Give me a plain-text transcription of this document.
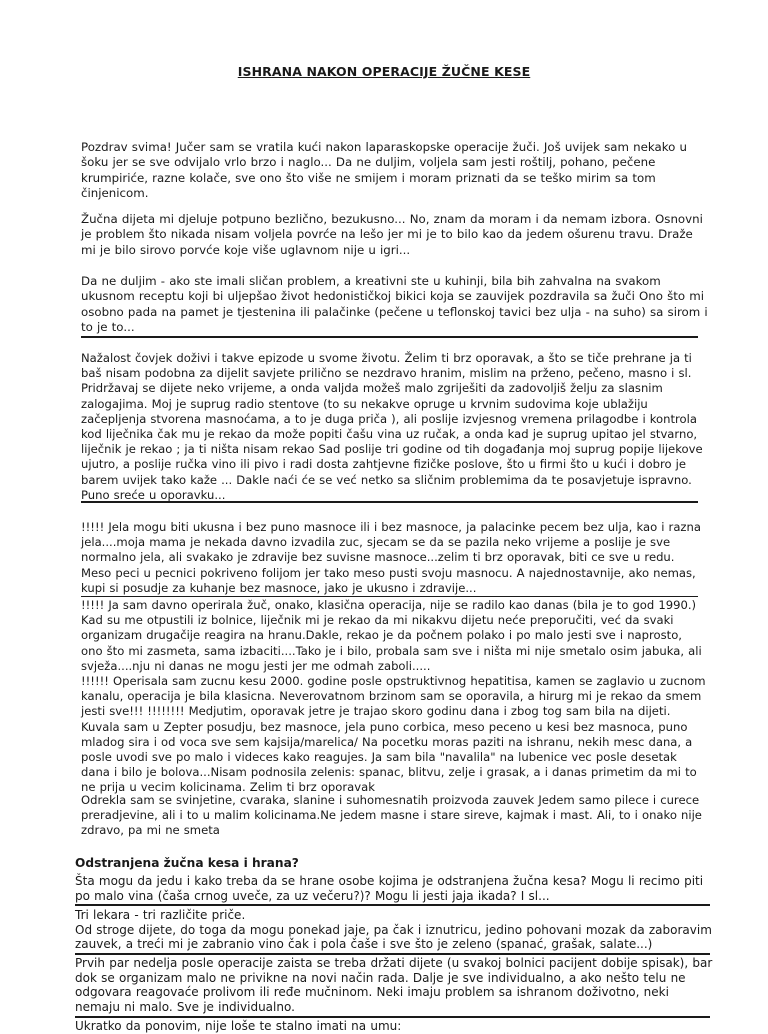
ISHRANA NAKON OPERACIJE ŽUČNE KESE

Pozdrav svima! Jučer sam se vratila kući nakon laparaskopske operacije žuči. Još uvijek sam nekako u šoku jer se sve odvijalo vrlo brzo i naglo... Da ne duljim, voljela sam jesti roštilj, pohano, pečene krumpiriće, razne kolače, sve ono što više ne smijem i moram priznati da se teško mirim sa tom činjenicom.

Žučna dijeta mi djeluje potpuno bezlično, bezukusno... No, znam da moram i da nemam izbora. Osnovni je problem što nikada nisam volјela povrće na lešo jer mi je to bilo kao da jedem ošurenu travu. Draže mi je bilo sirovo porvće koje više uglavnom nije u igri...

Da ne duljim - ako ste imali sličan problem, a kreativni ste u kuhinji, bila bih zahvalna na svakom ukusnom receptu koji bi uljepšao život hedonističkoj bikici koja se zauvijek pozdravila sa žuči Ono što mi osobno pada na pamet je tjestenina ili palačinke (pečene u teflonskoj tavici bez ulja - na suho) sa sirom i to je to...

Nažalost čovjek doživi i takve epizode u svome životu. Želim ti brz oporavak, a što se tiče prehrane ja ti baš nisam podobna za dijelit savjete prilično se nezdravo hranim, mislim na prženo, pečeno, masno i sl. Pridržavaj se dijete neko vrijeme, a onda valjda možeš malo zgriješiti da zadovoljiš želju za slasnim zalogajima. Moj je suprug radio stentove (to su nekakve opruge u krvnim sudovima koje ublažiju začepljenja stvorena masnoćama, a to je duga priča ), ali poslije izvjesnog vremena prilagodbe i kontrola kod liječnika čak mu je rekao da može popiti čašu vina uz ručak, a onda kad je suprug upitao jel stvarno, liječnik je rekao ; ja ti ništa nisam rekao Sad poslije tri godine od tih događanja moj suprug popije lijekove ujutro, a poslije ručka vino ili pivo i radi dosta zahtjevne fizičke poslove, što u firmi što u kući i dobro je barem uvijek tako kaže ... Dakle naći će se već netko sa sličnim problemima da te posavjetuje ispravno. Puno sreće u oporavku...

!!!!! Jela mogu biti ukusna i bez puno masnoce ili i bez masnoce, ja palacinke pecem bez ulja, kao i razna jela....moja mama je nekada davno izvadila zuc, sjecam se da se pazila neko vrijeme a poslije je sve normalno jela, ali svakako je zdravije bez suvisne masnoce...zelim ti brz oporavak, biti ce sve u redu. Meso peci u pecnici pokriveno folijom jer tako meso pusti svoju masnocu. A najednostavnije, ako nemas, kupi si posudje za kuhanje bez masnoce, jako je ukusno i zdravije...

!!!!! Ja sam davno operirala žuč, onako, klasična operacija, nije se radilo kao danas (bila je to god 1990.) Kad su me otpustili iz bolnice, liječnik mi je rekao da mi nikakvu dijetu neće preporučiti, već da svaki organizam drugačije reagira na hranu.Dakle, rekao je da počnem polako i po malo jesti sve i naprosto, ono što mi zasmeta, sama izbaciti....Tako je i bilo, probala sam sve i ništa mi nije smetalo osim jabuka, ali svježa....nju ni danas ne mogu jesti jer me odmah zaboli.....

!!!!!! Operisala sam zucnu kesu 2000. godine posle opstruktivnog hepatitisa, kamen se zaglavio u zucnom kanalu, operacija je bila klasicna. Neverovatnom brzinom sam se oporavila, a hirurg mi je rekao da smem jesti sve!!! !!!!!!!! Medjutim, oporavak jetre je trajao skoro godinu dana i zbog tog sam bila na dijeti. Kuvala sam u Zepter posudju, bez masnoce, jela puno corbica, meso peceno u kesi bez masnoca, puno mladog sira i od voca sve sem kajsija/marelica/ Na pocetku moras paziti na ishranu, nekih mesc dana, a posle uvodi sve po malo i videces kako reagujes. Ja sam bila "navalila" na lubenice vec posle desetak dana i bilo je bolova...Nisam podnosila zelenis: spanac, blitvu, zelje i grasak, a i danas primetim da mi to ne prija u vecim kolicinama. Zelim ti brz oporavak

Odrekla sam se svinjetine, cvaraka, slanine i suhomesnatih proizvoda zauvek Jedem samo pilece i curece preradjevine, ali i to u malim kolicinama.Ne jedem masne i stare sireve, kajmak i mast. Ali, to i onako nije zdravo, pa mi ne smeta

Odstranjena žučna kesa i hrana?

Šta mogu da jedu i kako treba da se hrane osobe kojima je odstranjena žučna kesa? Mogu li recimo piti po malo vina (čaša crnog uveče, za uz večeru?)? Mogu li jesti jaja ikada? I sl...

Tri lekara - tri različite priče.
Od stroge dijete, do toga da mogu ponekad jaje, pa čak i iznutricu, jedino pohovani mozak da zaboravim zauvek, a treći mi je zabranio vino čak i pola čaše i sve što je zeleno (spanać, grašak, salate...)

Prvih par nedelja posle operacije zaista se treba držati dijete (u svakoj bolnici pacijent dobije spisak), bar dok se organizam malo ne privikne na novi način rada. Dalje je sve individualno, a ako nešto telu ne odgovara reagovaće prolivom ili ređe mučninom. Neki imaju problem sa ishranom doživotno, neki nemaju ni malo. Sve je individualno.

Ukratko da ponovim, nije loše te stalno imati na umu:
